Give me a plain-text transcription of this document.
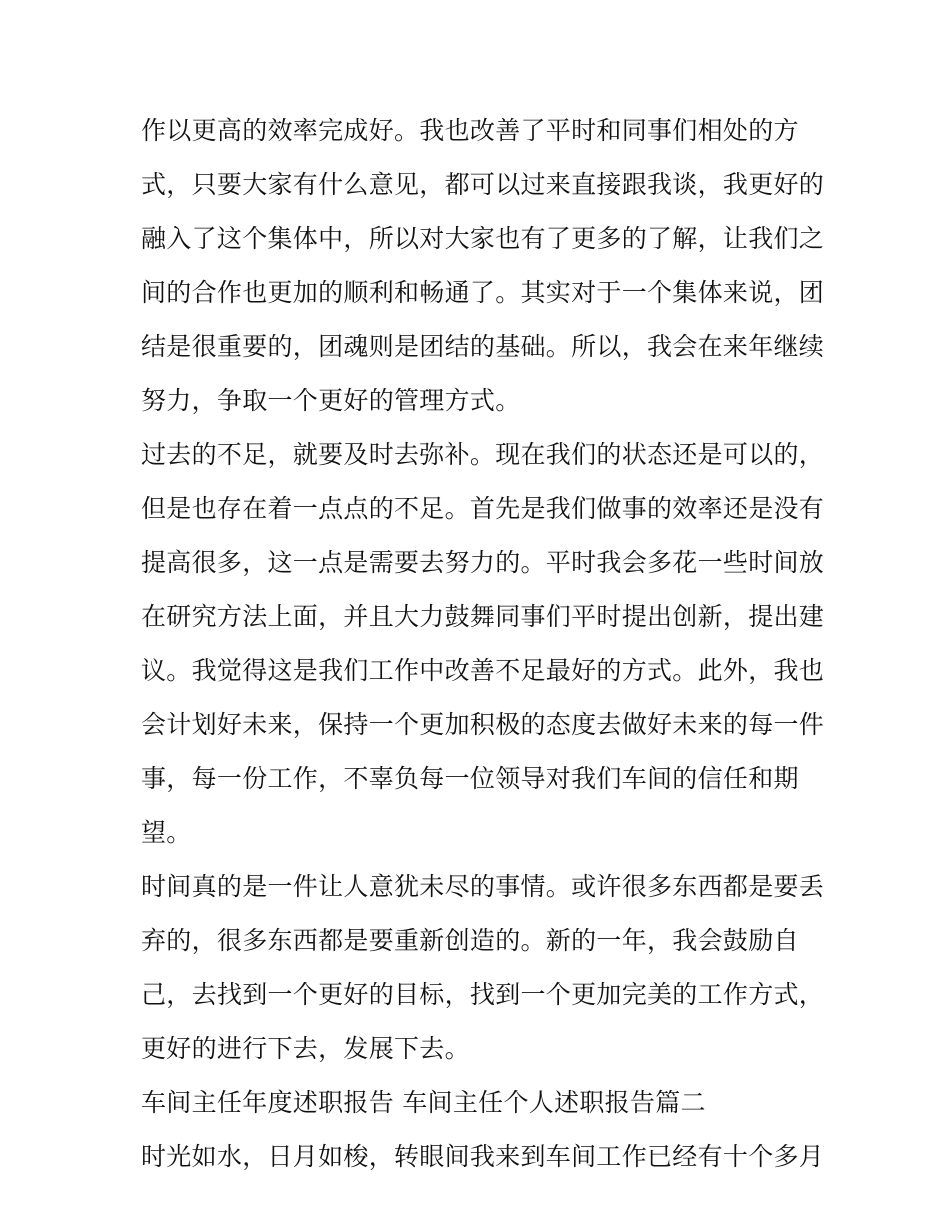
作以更高的效率完成好。我也改善了平时和同事们相处的方
式，只要大家有什么意见，都可以过来直接跟我谈，我更好的
融入了这个集体中，所以对大家也有了更多的了解，让我们之
间的合作也更加的顺利和畅通了。其实对于一个集体来说，团
结是很重要的，团魂则是团结的基础。所以，我会在来年继续
努力，争取一个更好的管理方式。
过去的不足，就要及时去弥补。现在我们的状态还是可以的，
但是也存在着一点点的不足。首先是我们做事的效率还是没有
提高很多，这一点是需要去努力的。平时我会多花一些时间放
在研究方法上面，并且大力鼓舞同事们平时提出创新，提出建
议。我觉得这是我们工作中改善不足最好的方式。此外，我也
会计划好未来，保持一个更加积极的态度去做好未来的每一件
事，每一份工作，不辜负每一位领导对我们车间的信任和期
望。
时间真的是一件让人意犹未尽的事情。或许很多东西都是要丢
弃的，很多东西都是要重新创造的。新的一年，我会鼓励自
己，去找到一个更好的目标，找到一个更加完美的工作方式，
更好的进行下去，发展下去。
车间主任年度述职报告 车间主任个人述职报告篇二
时光如水，日月如梭，转眼间我来到车间工作已经有十个多月
